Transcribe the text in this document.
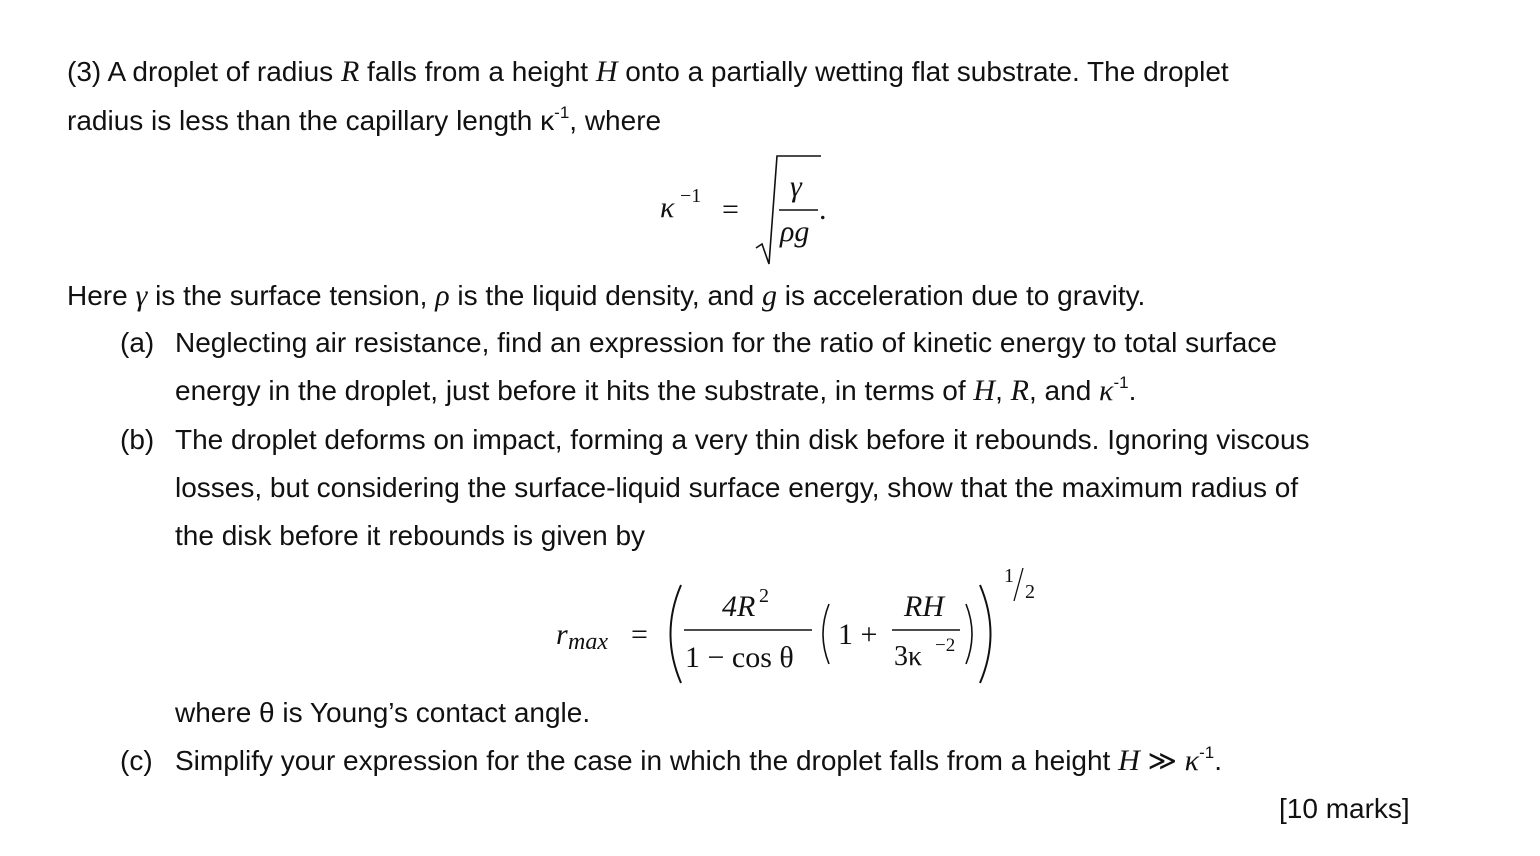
(3) A droplet of radius R falls from a height H onto a partially wetting flat substrate. The droplet
radius is less than the capillary length $\kappa^{-1}$, where
κ −1 =
γ
ρg
.
Here γ is the surface tension, ρ is the liquid density, and g is acceleration due to gravity.
(a) Neglecting air resistance, find an expression for the ratio of kinetic energy to total surface
energy in the droplet, just before it hits the substrate, in terms of H, R, and $\kappa^{-1}$.
(b) The droplet deforms on impact, forming a very thin disk before it rebounds. Ignoring viscous
losses, but considering the surface-liquid surface energy, show that the maximum radius of
the disk before it rebounds is given by
r max =
4R 2
1 − cos θ
1 +
RH
3κ −2
1
2
where θ is Young’s contact angle.
(c) Simplify your expression for the case in which the droplet falls from a height H ≫ $\kappa^{-1}$.
[10 marks]
